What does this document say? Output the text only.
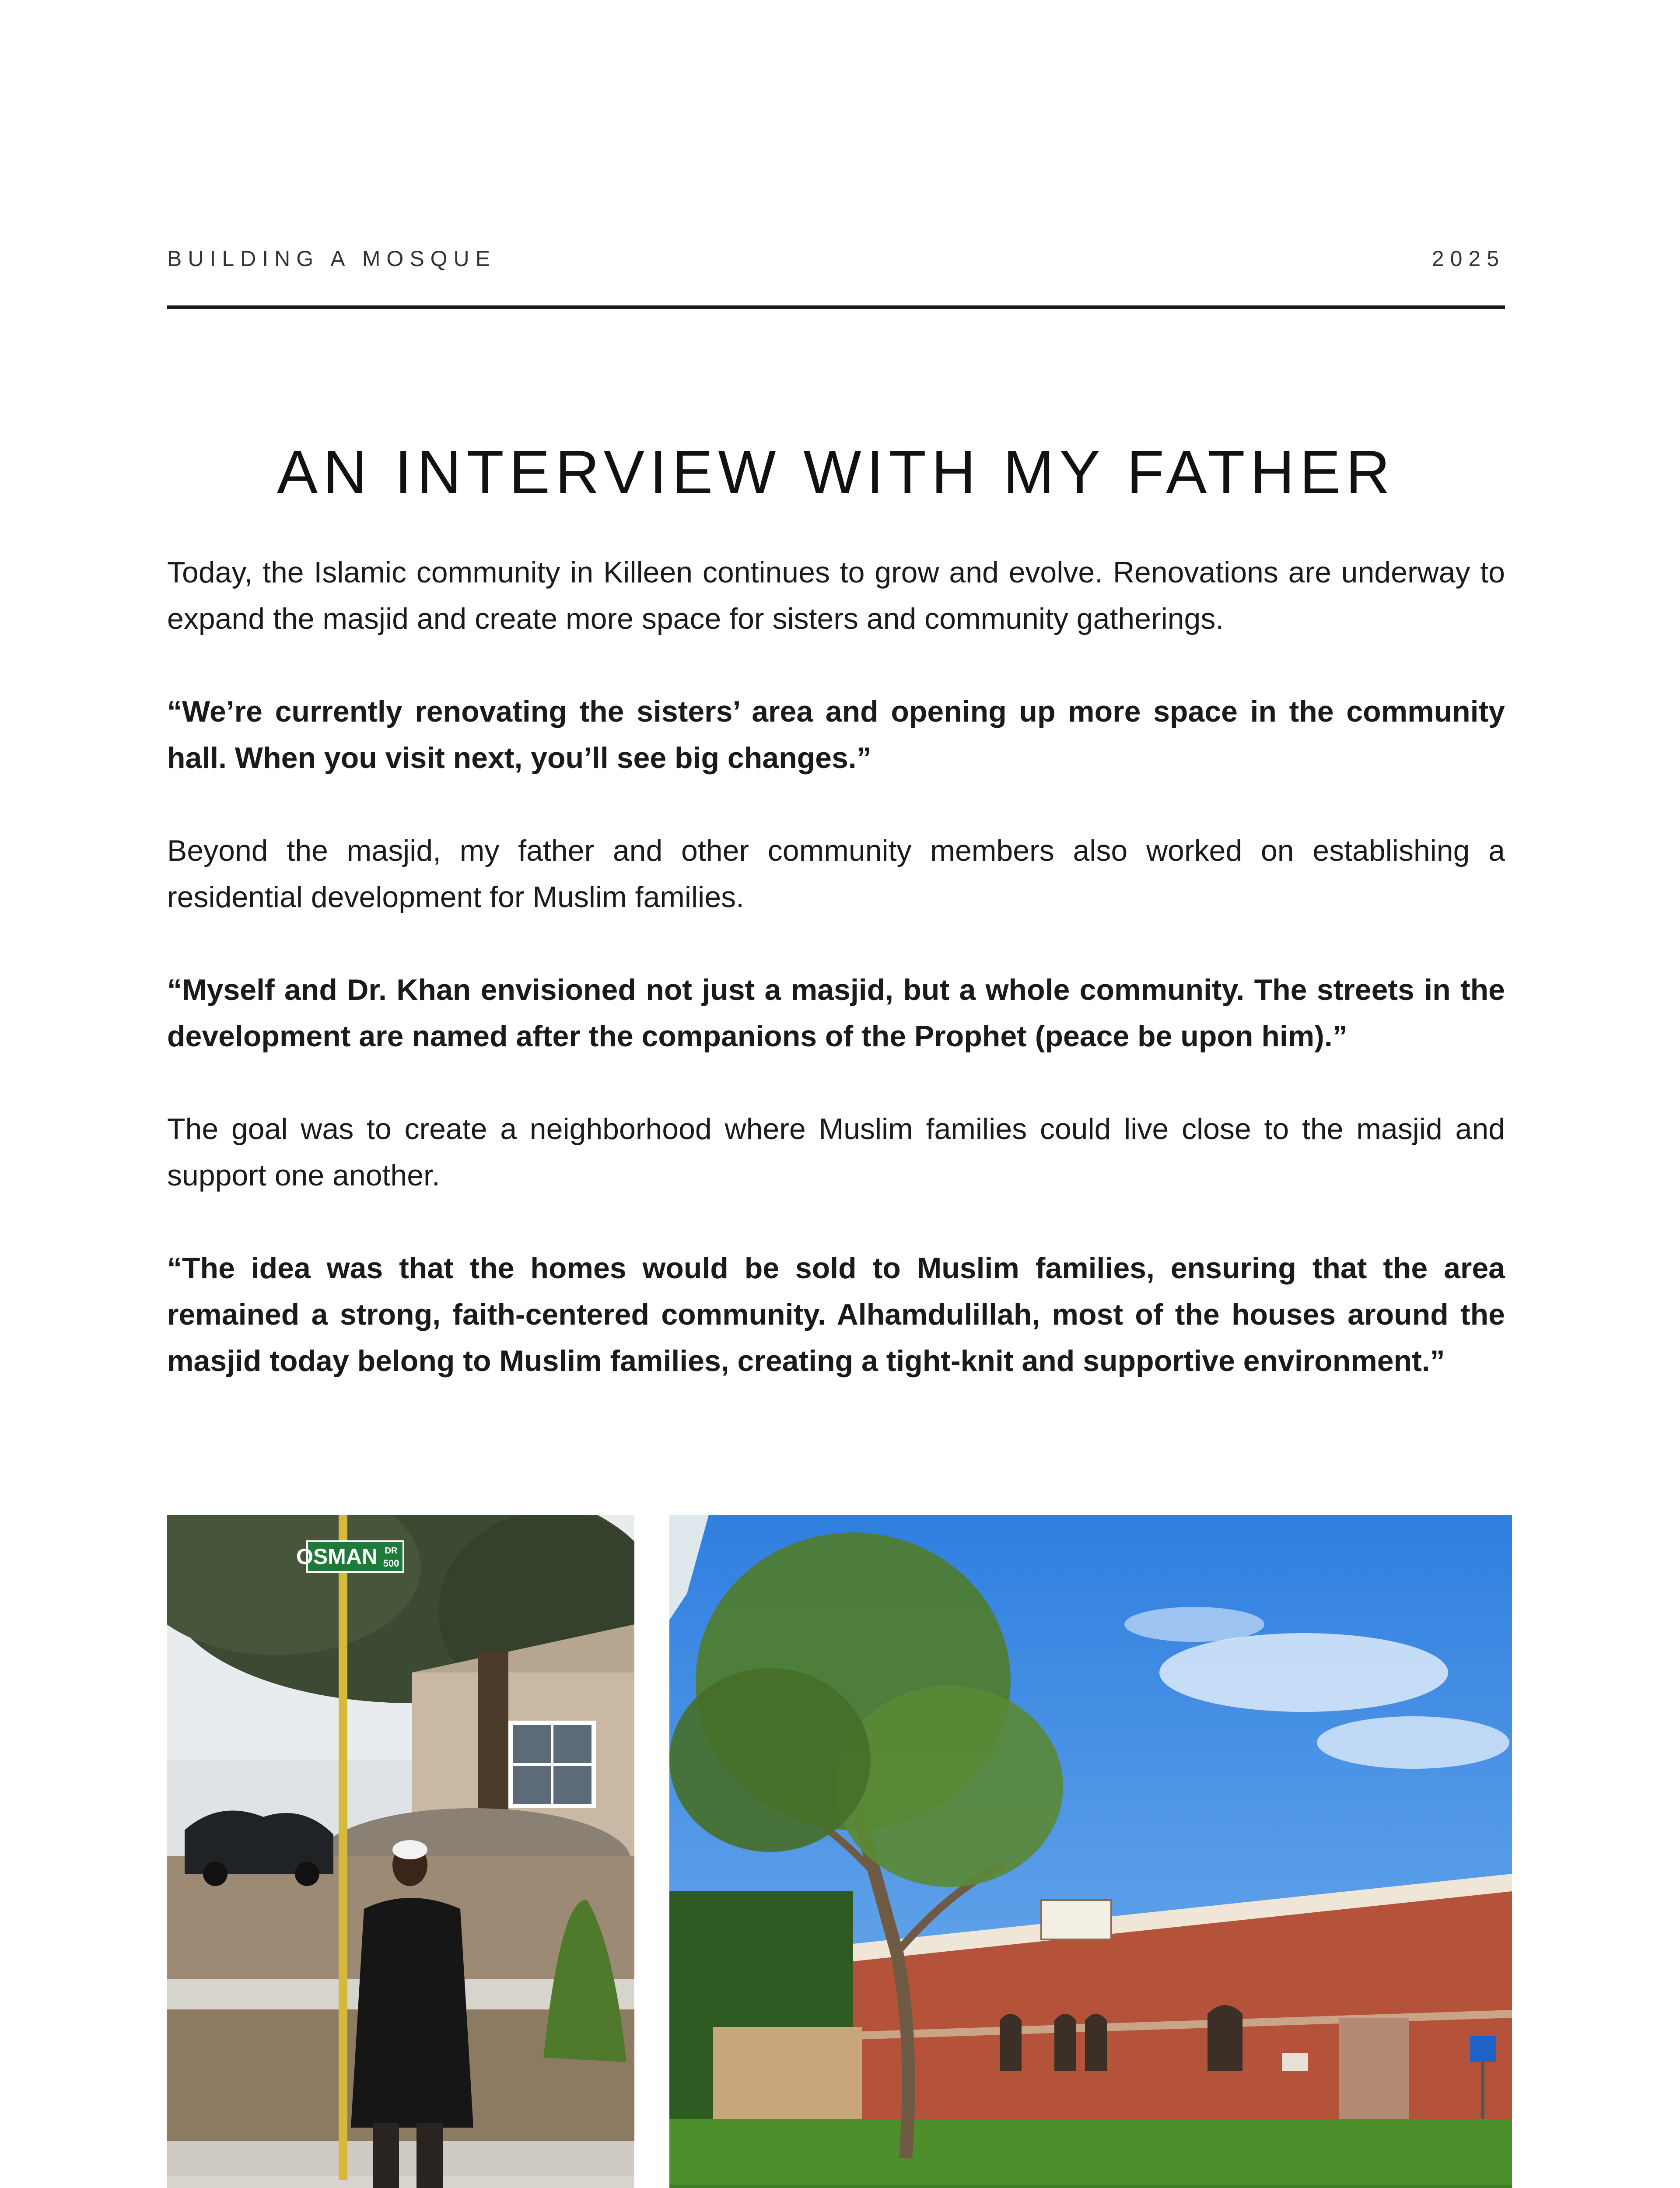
BUILDING A MOSQUE	2025
AN INTERVIEW WITH MY FATHER

Today, the Islamic community in Killeen continues to grow and evolve. Renovations are underway to expand the masjid and create more space for sisters and community gatherings.

“We’re currently renovating the sisters’ area and opening up more space in the community hall. When you visit next, you’ll see big changes.”

Beyond the masjid, my father and other community members also worked on establishing a residential development for Muslim families.

“Myself and Dr. Khan envisioned not just a masjid, but a whole community. The streets in the development are named after the companions of the Prophet (peace be upon him).”

The goal was to create a neighborhood where Muslim families could live close to the masjid and support one another.

“The idea was that the homes would be sold to Muslim families, ensuring that the area remained a strong, faith-centered community. Alhamdulillah, most of the houses around the masjid today belong to Muslim families, creating a tight-knit and supportive environment.”

OSMAN DR
500
